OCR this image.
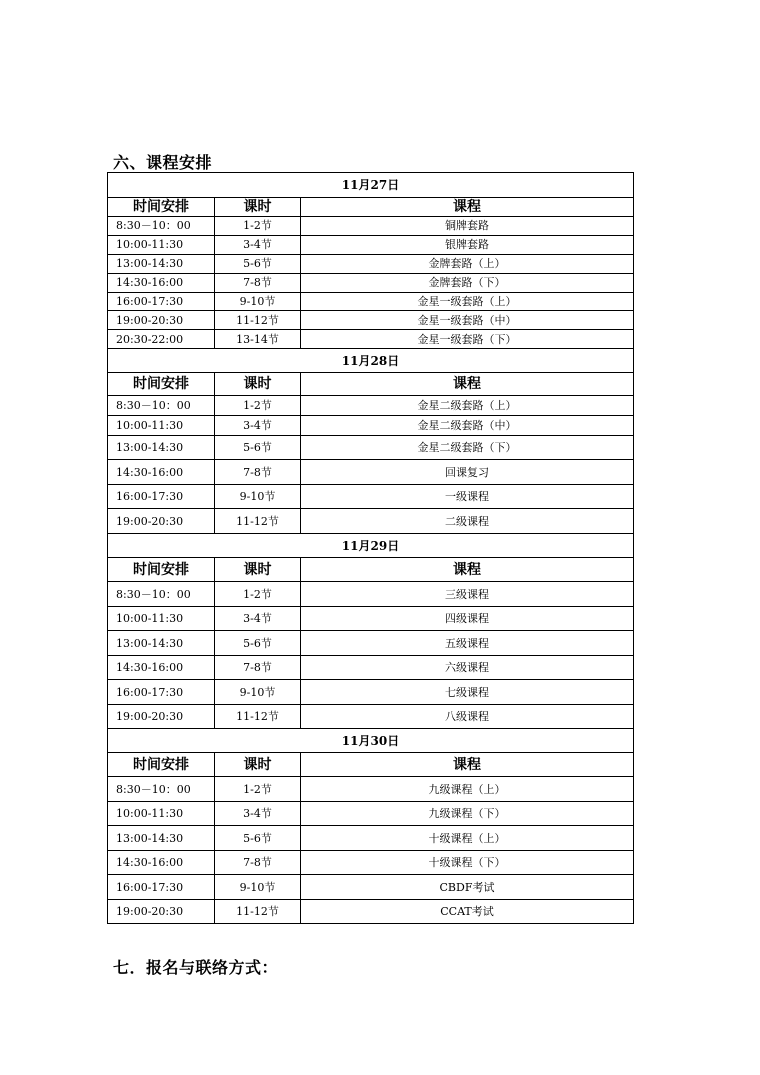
六、课程安排
11月27日		
时间安排	课时	课程
8:30－10：00	1-2节	铜牌套路
10:00-11:30	3-4节	银牌套路
13:00-14:30	5-6节	金牌套路（上）
14:30-16:00	7-8节	金牌套路（下）
16:00-17:30	9-10节	金星一级套路（上）
19:00-20:30	11-12节	金星一级套路（中）
20:30-22:00	13-14节	金星一级套路（下）
11月28日		
时间安排	课时	课程
8:30－10：00	1-2节	金星二级套路（上）
10:00-11:30	3-4节	金星二级套路（中）
13:00-14:30	5-6节	金星二级套路（下）
14:30-16:00	7-8节	回课复习
16:00-17:30	9-10节	一级课程
19:00-20:30	11-12节	二级课程
11月29日		
时间安排	课时	课程
8:30－10：00	1-2节	三级课程
10:00-11:30	3-4节	四级课程
13:00-14:30	5-6节	五级课程
14:30-16:00	7-8节	六级课程
16:00-17:30	9-10节	七级课程
19:00-20:30	11-12节	八级课程
11月30日		
时间安排	课时	课程
8:30－10：00	1-2节	九级课程（上）
10:00-11:30	3-4节	九级课程（下）
13:00-14:30	5-6节	十级课程（上）
14:30-16:00	7-8节	十级课程（下）
16:00-17:30	9-10节	CBDF考试
19:00-20:30	11-12节	CCAT考试
七．报名与联络方式：
